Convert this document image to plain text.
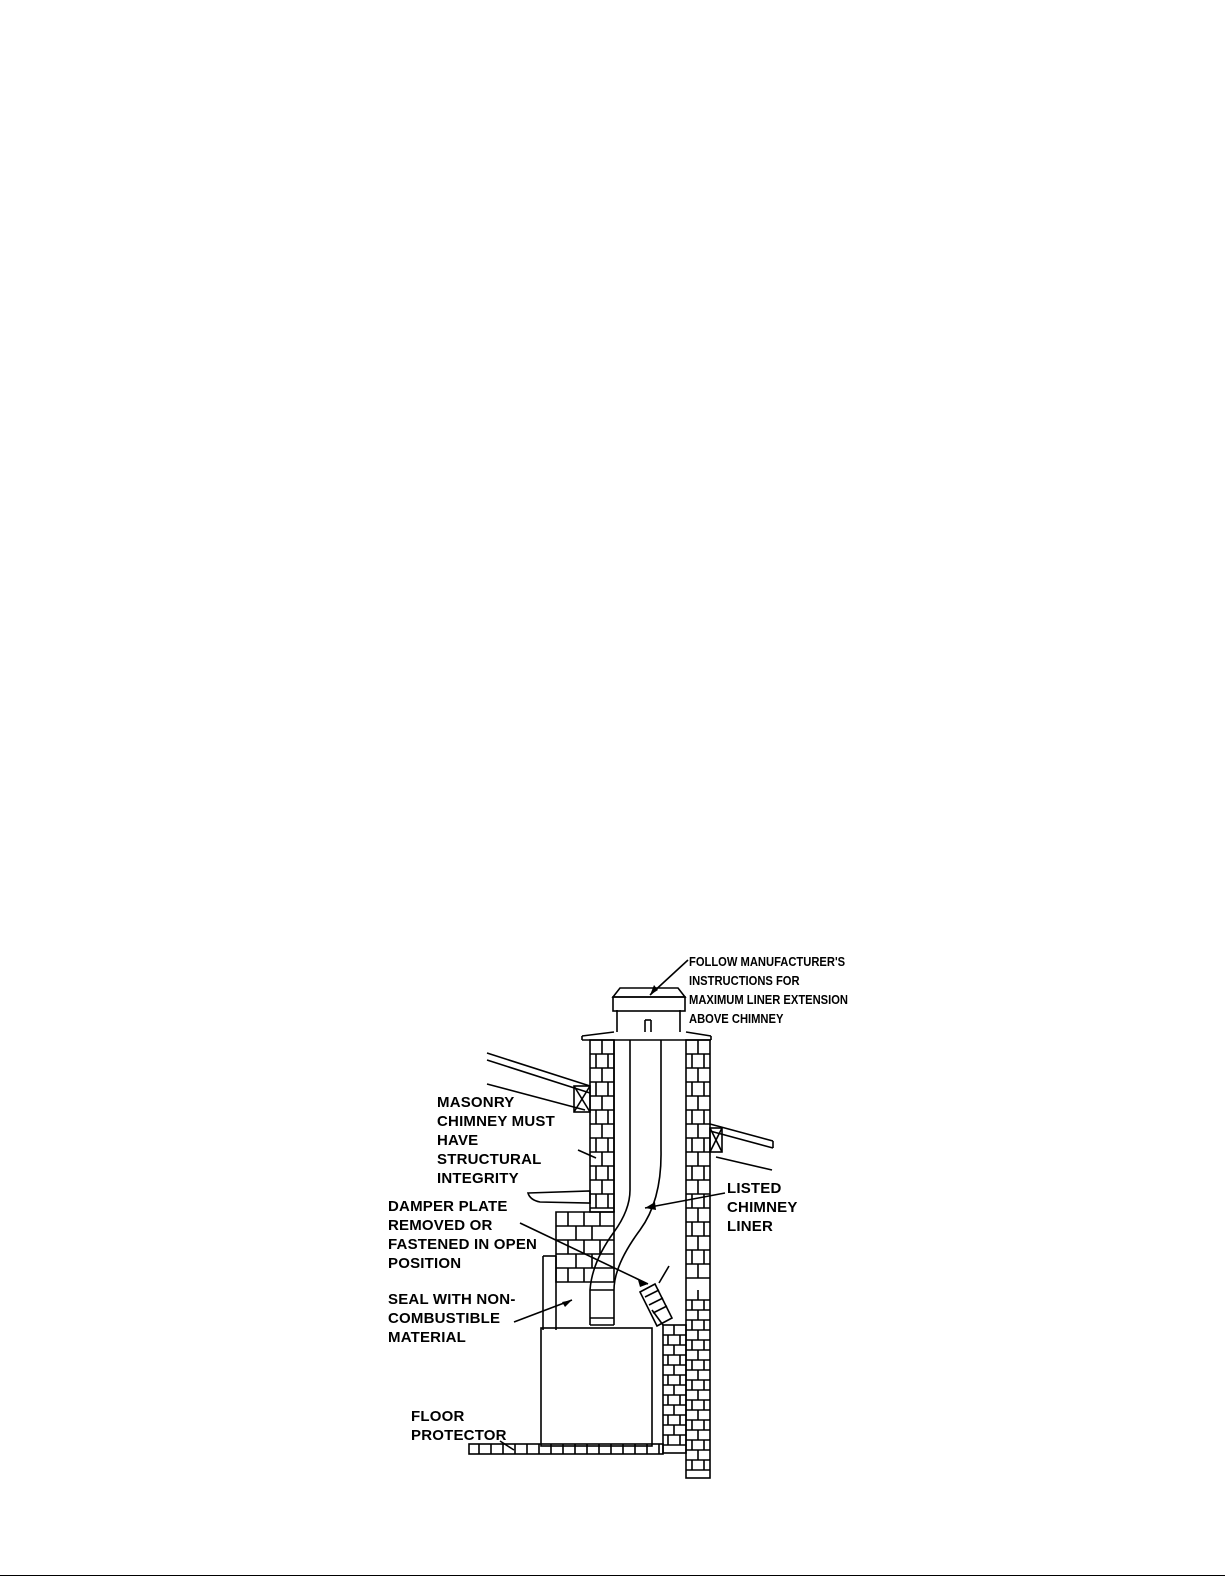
FOLLOW MANUFACTURER'S
INSTRUCTIONS FOR
MAXIMUM LINER EXTENSION
ABOVE CHIMNEY
MASONRY
CHIMNEY MUST
HAVE
STRUCTURAL
INTEGRITY
DAMPER PLATE
REMOVED OR
FASTENED IN OPEN
POSITION
LISTED
CHIMNEY
LINER
SEAL WITH NON-
COMBUSTIBLE
MATERIAL
FLOOR
PROTECTOR
